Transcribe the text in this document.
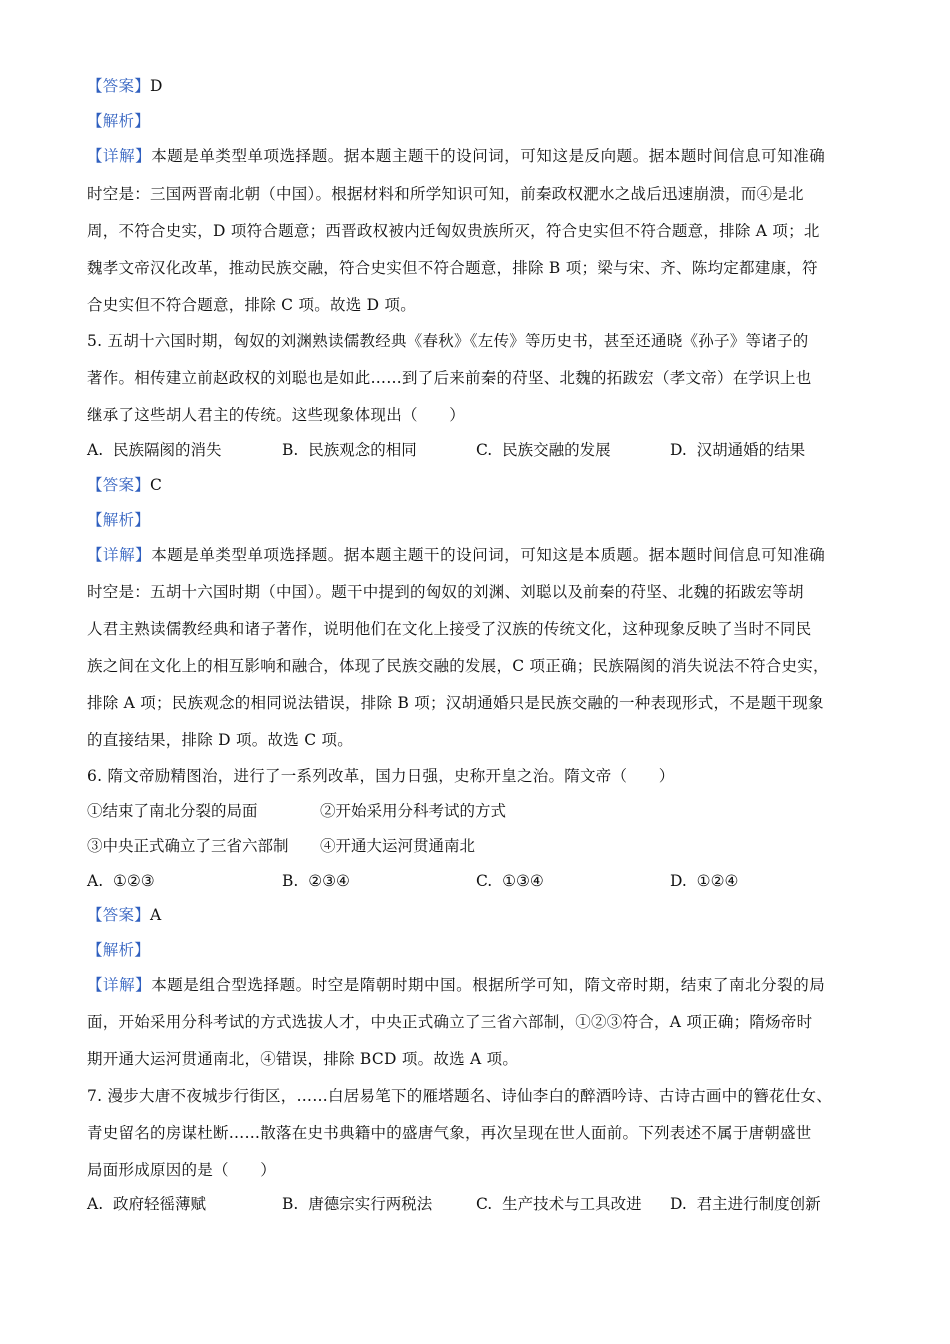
【答案】D
【解析】
【详解】本题是单类型单项选择题。据本题主题干的设问词，可知这是反向题。据本题时间信息可知准确
时空是：三国两晋南北朝（中国）。根据材料和所学知识可知，前秦政权淝水之战后迅速崩溃，而④是北
周，不符合史实，D 项符合题意；西晋政权被内迁匈奴贵族所灭，符合史实但不符合题意，排除 A 项；北
魏孝文帝汉化改革，推动民族交融，符合史实但不符合题意，排除 B 项；梁与宋、齐、陈均定都建康，符
合史实但不符合题意，排除 C 项。故选 D 项。
5. 五胡十六国时期，匈奴的刘渊熟读儒教经典《春秋》《左传》等历史书，甚至还通晓《孙子》等诸子的
著作。相传建立前赵政权的刘聪也是如此……到了后来前秦的苻坚、北魏的拓跋宏（孝文帝）在学识上也
继承了这些胡人君主的传统。这些现象体现出（　　）
A. 民族隔阂的消失	B. 民族观念的相同	C. 民族交融的发展	D. 汉胡通婚的结果
【答案】C
【解析】
【详解】本题是单类型单项选择题。据本题主题干的设问词，可知这是本质题。据本题时间信息可知准确
时空是：五胡十六国时期（中国）。题干中提到的匈奴的刘渊、刘聪以及前秦的苻坚、北魏的拓跋宏等胡
人君主熟读儒教经典和诸子著作，说明他们在文化上接受了汉族的传统文化，这种现象反映了当时不同民
族之间在文化上的相互影响和融合，体现了民族交融的发展，C 项正确；民族隔阂的消失说法不符合史实，
排除 A 项；民族观念的相同说法错误，排除 B 项；汉胡通婚只是民族交融的一种表现形式，不是题干现象
的直接结果，排除 D 项。故选 C 项。
6. 隋文帝励精图治，进行了一系列改革，国力日强，史称开皇之治。隋文帝（　　）
①结束了南北分裂的局面	②开始采用分科考试的方式
③中央正式确立了三省六部制 ④开通大运河贯通南北
A. ①②③	B. ②③④	C. ①③④	D. ①②④
【答案】A
【解析】
【详解】本题是组合型选择题。时空是隋朝时期中国。根据所学可知，隋文帝时期，结束了南北分裂的局
面，开始采用分科考试的方式选拔人才，中央正式确立了三省六部制，①②③符合，A 项正确；隋炀帝时
期开通大运河贯通南北，④错误，排除 BCD 项。故选 A 项。
7. 漫步大唐不夜城步行街区，……白居易笔下的雁塔题名、诗仙李白的醉酒吟诗、古诗古画中的簪花仕女、
青史留名的房谋杜断……散落在史书典籍中的盛唐气象，再次呈现在世人面前。下列表述不属于唐朝盛世
局面形成原因的是（　　）
A. 政府轻徭薄赋	B. 唐德宗实行两税法	C. 生产技术与工具改进 D. 君主进行制度创新
